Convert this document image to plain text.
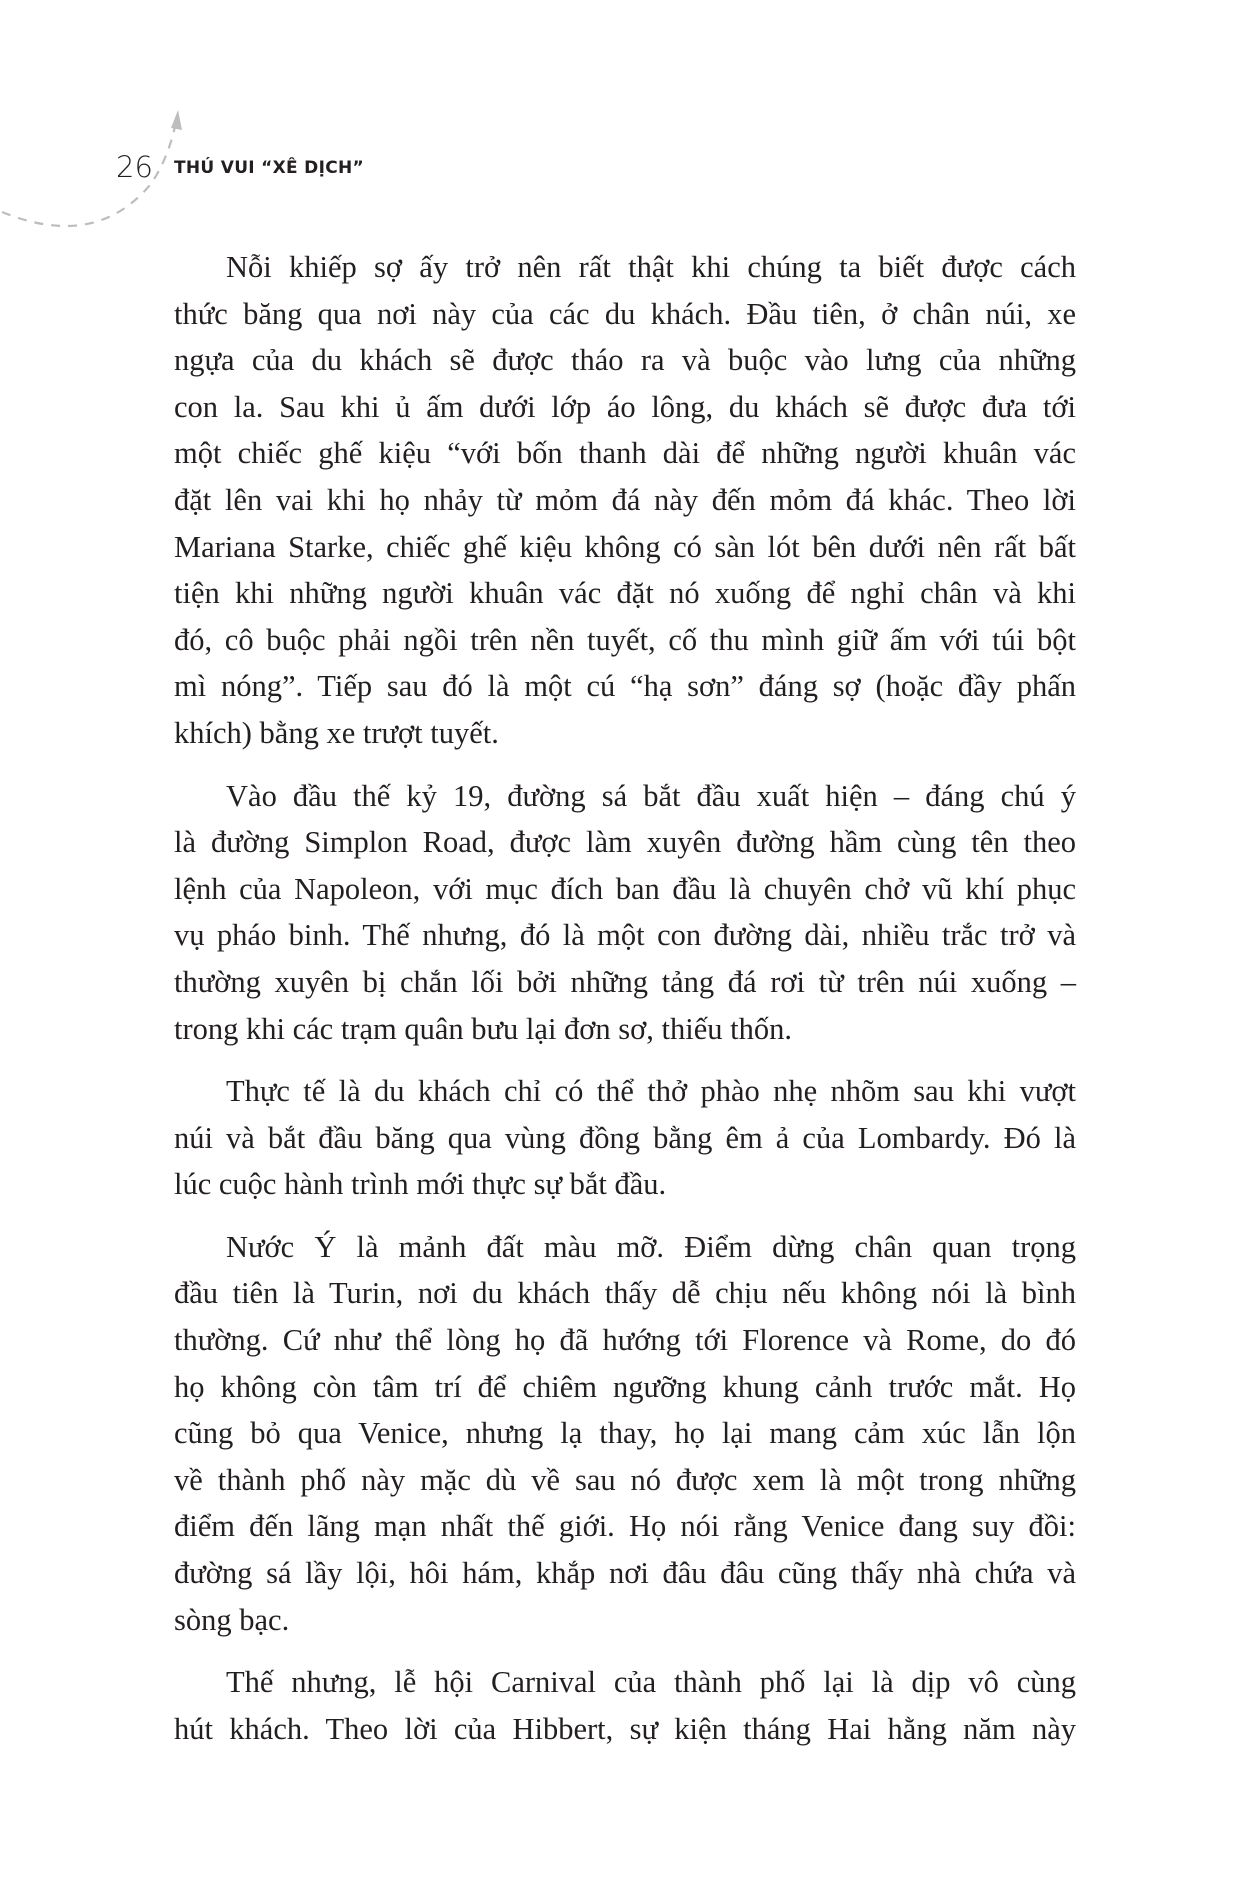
26 THÚ VUI “XÊ DỊCH”
Nỗi khiếp sợ ấy trở nên rất thật khi chúng ta biết được cách
thức băng qua nơi này của các du khách. Đầu tiên, ở chân núi, xe
ngựa của du khách sẽ được tháo ra và buộc vào lưng của những
con la. Sau khi ủ ấm dưới lớp áo lông, du khách sẽ được đưa tới
một chiếc ghế kiệu “với bốn thanh dài để những người khuân vác
đặt lên vai khi họ nhảy từ mỏm đá này đến mỏm đá khác. Theo lời
Mariana Starke, chiếc ghế kiệu không có sàn lót bên dưới nên rất bất
tiện khi những người khuân vác đặt nó xuống để nghỉ chân và khi
đó, cô buộc phải ngồi trên nền tuyết, cố thu mình giữ ấm với túi bột
mì nóng”. Tiếp sau đó là một cú “hạ sơn” đáng sợ (hoặc đầy phấn
khích) bằng xe trượt tuyết.
Vào đầu thế kỷ 19, đường sá bắt đầu xuất hiện – đáng chú ý
là đường Simplon Road, được làm xuyên đường hầm cùng tên theo
lệnh của Napoleon, với mục đích ban đầu là chuyên chở vũ khí phục
vụ pháo binh. Thế nhưng, đó là một con đường dài, nhiều trắc trở và
thường xuyên bị chắn lối bởi những tảng đá rơi từ trên núi xuống –
trong khi các trạm quân bưu lại đơn sơ, thiếu thốn.
Thực tế là du khách chỉ có thể thở phào nhẹ nhõm sau khi vượt
núi và bắt đầu băng qua vùng đồng bằng êm ả của Lombardy. Đó là
lúc cuộc hành trình mới thực sự bắt đầu.
Nước Ý là mảnh đất màu mỡ. Điểm dừng chân quan trọng
đầu tiên là Turin, nơi du khách thấy dễ chịu nếu không nói là bình
thường. Cứ như thể lòng họ đã hướng tới Florence và Rome, do đó
họ không còn tâm trí để chiêm ngưỡng khung cảnh trước mắt. Họ
cũng bỏ qua Venice, nhưng lạ thay, họ lại mang cảm xúc lẫn lộn
về thành phố này mặc dù về sau nó được xem là một trong những
điểm đến lãng mạn nhất thế giới. Họ nói rằng Venice đang suy đồi:
đường sá lầy lội, hôi hám, khắp nơi đâu đâu cũng thấy nhà chứa và
sòng bạc.
Thế nhưng, lễ hội Carnival của thành phố lại là dịp vô cùng
hút khách. Theo lời của Hibbert, sự kiện tháng Hai hằng năm này
